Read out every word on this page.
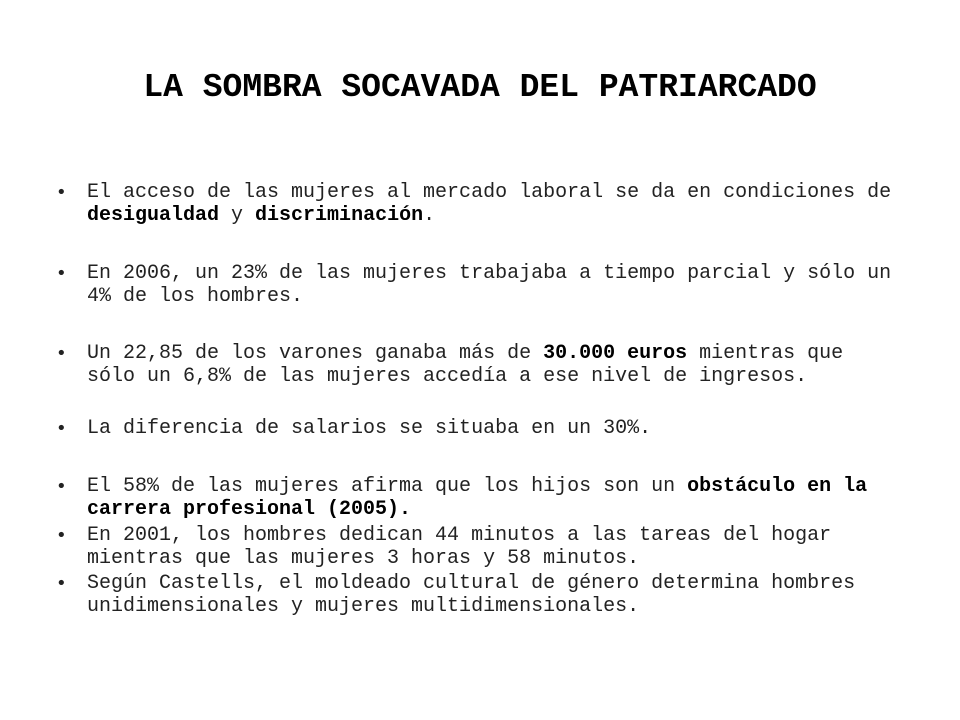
LA SOMBRA SOCAVADA DEL PATRIARCADO
•	El acceso de las mujeres al mercado laboral se da en condiciones de desigualdad y discriminación.
•	En 2006, un 23% de las mujeres trabajaba a tiempo parcial y sólo un 4% de los hombres.
•	Un 22,85 de los varones ganaba más de 30.000 euros mientras que sólo un 6,8% de las mujeres accedía a ese nivel de ingresos.
•	La diferencia de salarios se situaba en un 30%.
•	El 58% de las mujeres afirma que los hijos son un obstáculo en la carrera profesional (2005).
•	En 2001, los hombres dedican 44 minutos a las tareas del hogar mientras que las mujeres 3 horas y 58 minutos.
•	Según Castells, el moldeado cultural de género determina hombres unidimensionales y mujeres multidimensionales.
